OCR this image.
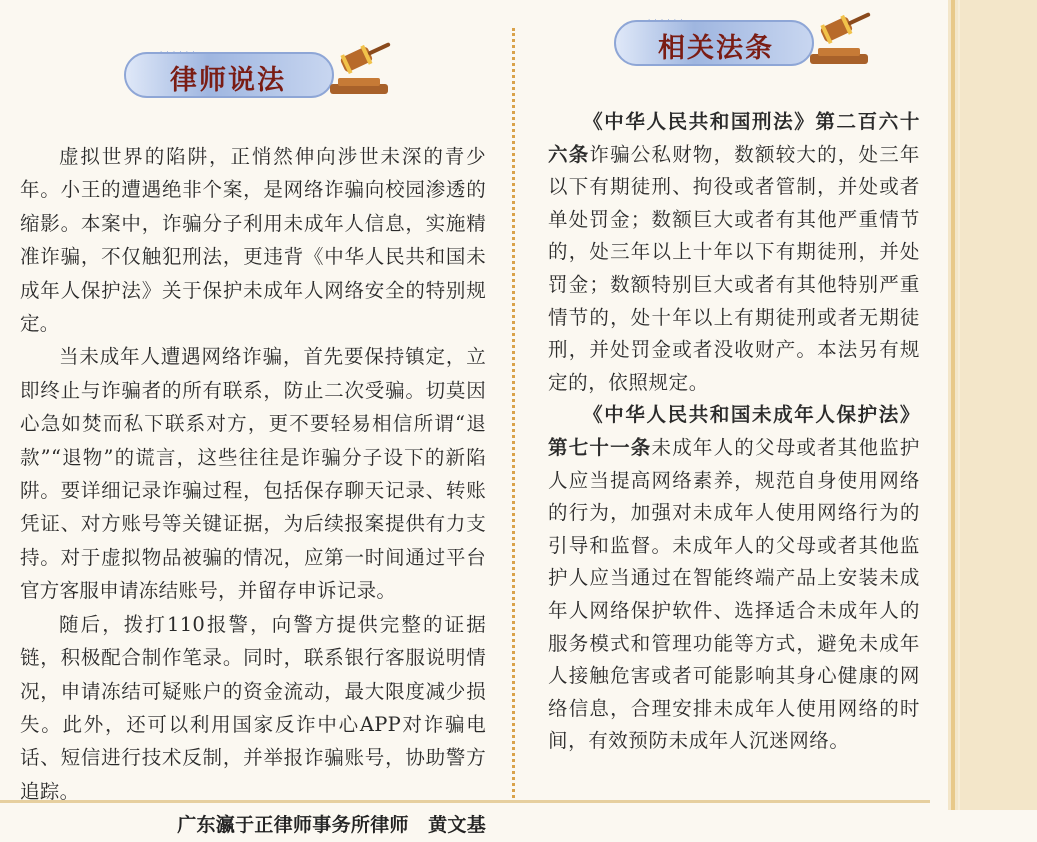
· · · · · ·
律师说法
· · · · · ·
相关法条

虚拟世界的陷阱，正悄然伸向涉世未深的青少年。小王的遭遇绝非个案，是网络诈骗向校园渗透的缩影。本案中，诈骗分子利用未成年人信息，实施精准诈骗，不仅触犯刑法，更违背《中华人民共和国未成年人保护法》关于保护未成年人网络安全的特别规定。

当未成年人遭遇网络诈骗，首先要保持镇定，立即终止与诈骗者的所有联系，防止二次受骗。切莫因心急如焚而私下联系对方，更不要轻易相信所谓“退款”“退物”的谎言，这些往往是诈骗分子设下的新陷阱。要详细记录诈骗过程，包括保存聊天记录、转账凭证、对方账号等关键证据，为后续报案提供有力支持。对于虚拟物品被骗的情况，应第一时间通过平台官方客服申请冻结账号，并留存申诉记录。

随后，拨打110报警，向警方提供完整的证据链，积极配合制作笔录。同时，联系银行客服说明情况，申请冻结可疑账户的资金流动，最大限度减少损失。此外，还可以利用国家反诈中心APP对诈骗电话、短信进行技术反制，并举报诈骗账号，协助警方追踪。

广东瀛于正律师事务所律师　黄文基

《中华人民共和国刑法》第二百六十六条诈骗公私财物，数额较大的，处三年以下有期徒刑、拘役或者管制，并处或者单处罚金；数额巨大或者有其他严重情节的，处三年以上十年以下有期徒刑，并处罚金；数额特别巨大或者有其他特别严重情节的，处十年以上有期徒刑或者无期徒刑，并处罚金或者没收财产。本法另有规定的，依照规定。

《中华人民共和国未成年人保护法》第七十一条未成年人的父母或者其他监护人应当提高网络素养，规范自身使用网络的行为，加强对未成年人使用网络行为的引导和监督。未成年人的父母或者其他监护人应当通过在智能终端产品上安装未成年人网络保护软件、选择适合未成年人的服务模式和管理功能等方式，避免未成年人接触危害或者可能影响其身心健康的网络信息，合理安排未成年人使用网络的时间，有效预防未成年人沉迷网络。
